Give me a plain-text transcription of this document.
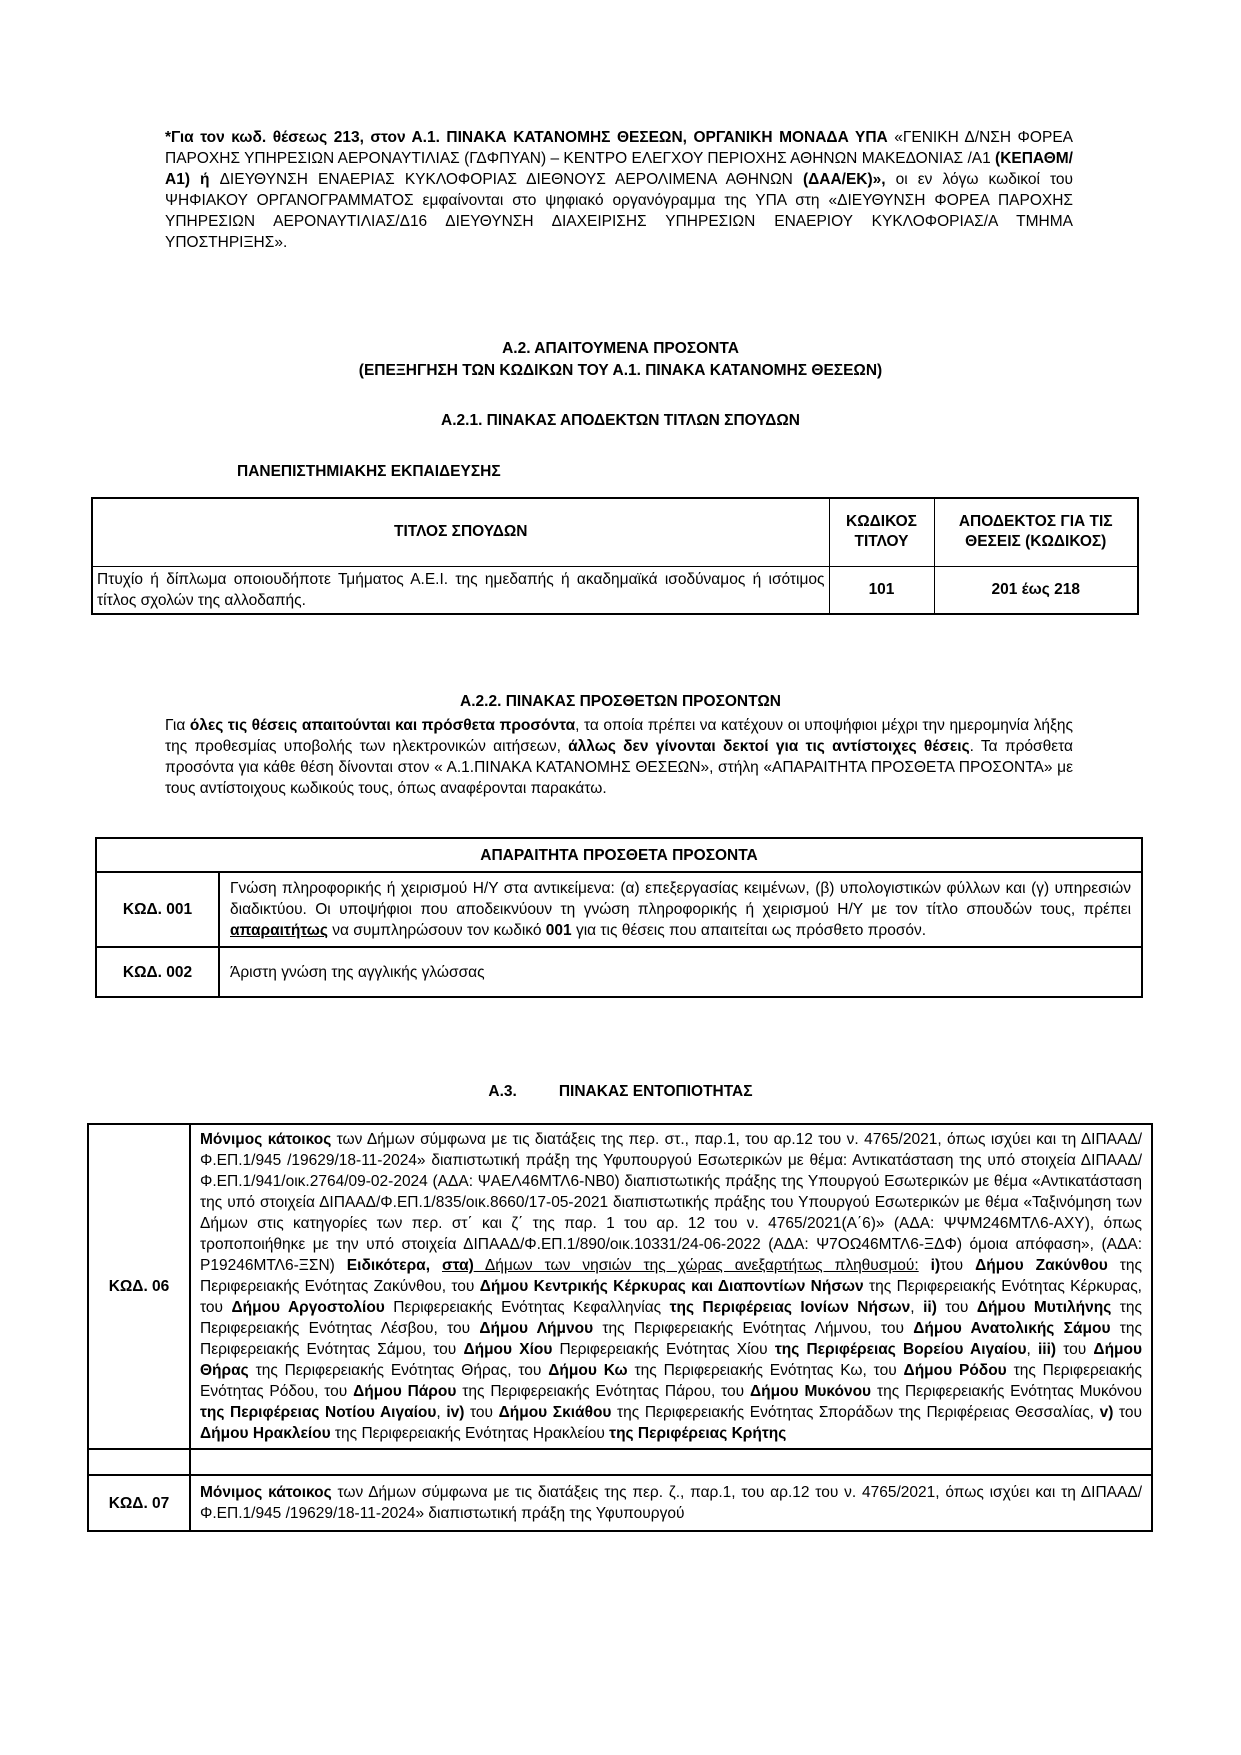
*Για τον κωδ. θέσεως 213, στον Α.1. ΠΙΝΑΚΑ ΚΑΤΑΝΟΜΗΣ ΘΕΣΕΩΝ, ΟΡΓΑΝΙΚΗ ΜΟΝΑΔΑ ΥΠΑ «ΓΕΝΙΚΗ Δ/ΝΣΗ ΦΟΡΕΑ ΠΑΡΟΧΗΣ ΥΠΗΡΕΣΙΩΝ ΑΕΡΟΝΑΥΤΙΛΙΑΣ (ΓΔΦΠΥΑΝ) – ΚΕΝΤΡΟ ΕΛΕΓΧΟΥ ΠΕΡΙΟΧΗΣ ΑΘΗΝΩΝ ΜΑΚΕΔΟΝΙΑΣ /Α1 (ΚΕΠΑΘΜ/Α1) ή ΔΙΕΥΘΥΝΣΗ ΕΝΑΕΡΙΑΣ ΚΥΚΛΟΦΟΡΙΑΣ ΔΙΕΘΝΟΥΣ ΑΕΡΟΛΙΜΕΝΑ ΑΘΗΝΩΝ (ΔΑΑ/ΕΚ)», οι εν λόγω κωδικοί του ΨΗΦΙΑΚΟΥ ΟΡΓΑΝΟΓΡΑΜΜΑΤΟΣ εμφαίνονται στο ψηφιακό οργανόγραμμα της ΥΠΑ στη «ΔΙΕΥΘΥΝΣΗ ΦΟΡΕΑ ΠΑΡΟΧΗΣ ΥΠΗΡΕΣΙΩΝ ΑΕΡΟΝΑΥΤΙΛΙΑΣ/Δ16 ΔΙΕΥΘΥΝΣΗ ΔΙΑΧΕΙΡΙΣΗΣ ΥΠΗΡΕΣΙΩΝ ΕΝΑΕΡΙΟΥ ΚΥΚΛΟΦΟΡΙΑΣ/Α ΤΜΗΜΑ ΥΠΟΣΤΗΡΙΞΗΣ».
Α.2. ΑΠΑΙΤΟΥΜΕΝΑ ΠΡΟΣΟΝΤΑ
(ΕΠΕΞΗΓΗΣΗ ΤΩΝ ΚΩΔΙΚΩΝ ΤΟΥ Α.1. ΠΙΝΑΚΑ ΚΑΤΑΝΟΜΗΣ ΘΕΣΕΩΝ)
Α.2.1. ΠΙΝΑΚΑΣ ΑΠΟΔΕΚΤΩΝ ΤΙΤΛΩΝ ΣΠΟΥΔΩΝ
ΠΑΝΕΠΙΣΤΗΜΙΑΚΗΣ ΕΚΠΑΙΔΕΥΣΗΣ
ΤΙΤΛΟΣ ΣΠΟΥΔΩΝ	ΚΩΔΙΚΟΣ ΤΙΤΛΟΥ	ΑΠΟΔΕΚΤΟΣ ΓΙΑ ΤΙΣ ΘΕΣΕΙΣ (ΚΩΔΙΚΟΣ)
Πτυχίο ή δίπλωμα οποιουδήποτε Τμήματος Α.Ε.Ι. της ημεδαπής ή ακαδημαϊκά ισοδύναμος ή ισότιμος τίτλος σχολών της αλλοδαπής.	101	201 έως 218
Α.2.2. ΠΙΝΑΚΑΣ ΠΡΟΣΘΕΤΩΝ ΠΡΟΣΟΝΤΩΝ
Για όλες τις θέσεις απαιτούνται και πρόσθετα προσόντα, τα οποία πρέπει να κατέχουν οι υποψήφιοι μέχρι την ημερομηνία λήξης της προθεσμίας υποβολής των ηλεκτρονικών αιτήσεων, άλλως δεν γίνονται δεκτοί για τις αντίστοιχες θέσεις. Τα πρόσθετα προσόντα για κάθε θέση δίνονται στον « Α.1.ΠΙΝΑΚΑ ΚΑΤΑΝΟΜΗΣ ΘΕΣΕΩΝ», στήλη «ΑΠΑΡΑΙΤΗΤΑ ΠΡΟΣΘΕΤΑ ΠΡΟΣΟΝΤΑ» με τους αντίστοιχους κωδικούς τους, όπως αναφέρονται παρακάτω.
ΑΠΑΡΑΙΤΗΤΑ ΠΡΟΣΘΕΤΑ ΠΡΟΣΟΝΤΑ	
ΚΩΔ. 001	Γνώση πληροφορικής ή χειρισμού Η/Υ στα αντικείμενα: (α) επεξεργασίας κειμένων, (β) υπολογιστικών φύλλων και (γ) υπηρεσιών διαδικτύου. Οι υποψήφιοι που αποδεικνύουν τη γνώση πληροφορικής ή χειρισμού Η/Υ με τον τίτλο σπουδών τους, πρέπει απαραιτήτως να συμπληρώσουν τον κωδικό 001 για τις θέσεις που απαιτείται ως πρόσθετο προσόν.
ΚΩΔ. 002	Άριστη γνώση της αγγλικής γλώσσας
Α.3.	ΠΙΝΑΚΑΣ ΕΝΤΟΠΙΟΤΗΤΑΣ
ΚΩΔ. 06	Μόνιμος κάτοικος των Δήμων σύμφωνα με τις διατάξεις της περ. στ., παρ.1, του αρ.12 του ν. 4765/2021, όπως ισχύει και τη ΔΙΠΑΑΔ/Φ.ΕΠ.1/945 /19629/18-11-2024» διαπιστωτική πράξη της Υφυπουργού Εσωτερικών με θέμα: Αντικατάσταση της υπό στοιχεία ΔΙΠΑΑΔ/Φ.ΕΠ.1/941/οικ.2764/09-02-2024 (ΑΔΑ: ΨΑΕΛ46ΜΤΛ6-ΝΒ0) διαπιστωτικής πράξης της Υπουργού Εσωτερικών με θέμα «Αντικατάσταση της υπό στοιχεία ΔΙΠΑΑΔ/Φ.ΕΠ.1/835/οικ.8660/17-05-2021 διαπιστωτικής πράξης του Υπουργού Εσωτερικών με θέμα «Ταξινόμηση των Δήμων στις κατηγορίες των περ. στ΄ και ζ΄ της παρ. 1 του αρ. 12 του ν. 4765/2021(Α΄6)» (ΑΔΑ: ΨΨΜ246ΜΤΛ6-ΑΧΥ), όπως τροποποιήθηκε με την υπό στοιχεία ΔΙΠΑΑΔ/Φ.ΕΠ.1/890/οικ.10331/24-06-2022 (ΑΔΑ: Ψ7ΟΩ46ΜΤΛ6-ΞΔΦ) όμοια απόφαση», (ΑΔΑ: Ρ19246ΜΤΛ6-ΞΣΝ) Ειδικότερα, στα) Δήμων των νησιών της χώρας ανεξαρτήτως πληθυσμού: i)του Δήμου Ζακύνθου της Περιφερειακής Ενότητας Ζακύνθου, του Δήμου Κεντρικής Κέρκυρας και Διαποντίων Νήσων της Περιφερειακής Ενότητας Κέρκυρας, του Δήμου Αργοστολίου Περιφερειακής Ενότητας Κεφαλληνίας της Περιφέρειας Ιονίων Νήσων, ii) του Δήμου Μυτιλήνης της Περιφερειακής Ενότητας Λέσβου, του Δήμου Λήμνου της Περιφερειακής Ενότητας Λήμνου, του Δήμου Ανατολικής Σάμου της Περιφερειακής Ενότητας Σάμου, του Δήμου Χίου Περιφερειακής Ενότητας Χίου της Περιφέρειας Βορείου Αιγαίου, iii) του Δήμου Θήρας της Περιφερειακής Ενότητας Θήρας, του Δήμου Κω της Περιφερειακής Ενότητας Κω, του Δήμου Ρόδου της Περιφερειακής Ενότητας Ρόδου, του Δήμου Πάρου της Περιφερειακής Ενότητας Πάρου, του Δήμου Μυκόνου της Περιφερειακής Ενότητας Μυκόνου της Περιφέρειας Νοτίου Αιγαίου, iv) του Δήμου Σκιάθου της Περιφερειακής Ενότητας Σποράδων της Περιφέρειας Θεσσαλίας, v) του Δήμου Ηρακλείου της Περιφερειακής Ενότητας Ηρακλείου της Περιφέρειας Κρήτης

ΚΩΔ. 07	Μόνιμος κάτοικος των Δήμων σύμφωνα με τις διατάξεις της περ. ζ., παρ.1, του αρ.12 του ν. 4765/2021, όπως ισχύει και τη ΔΙΠΑΑΔ/Φ.ΕΠ.1/945 /19629/18-11-2024» διαπιστωτική πράξη της Υφυπουργού
